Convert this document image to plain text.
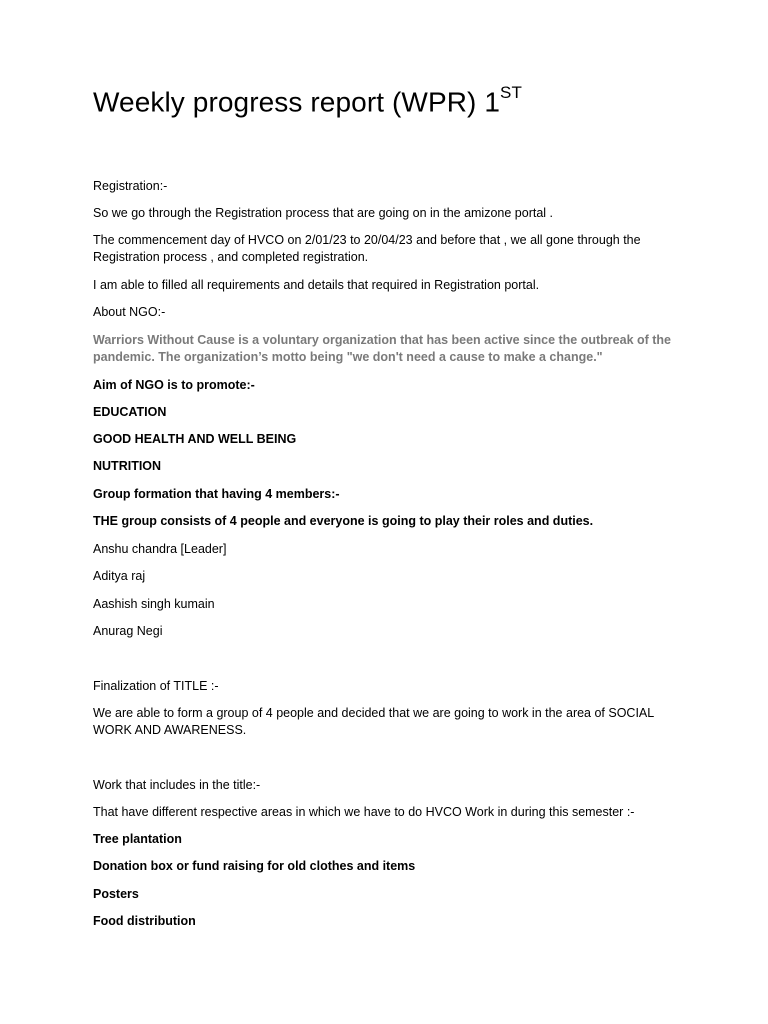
Weekly progress report (WPR) 1ST

Registration:-

So we go through the Registration process that are going on in the amizone portal .

The commencement day of HVCO on 2/01/23 to 20/04/23 and before that , we all gone through the Registration process , and completed registration.

I am able to filled all requirements and details that required in Registration portal.

About NGO:-

Warriors Without Cause is a voluntary organization that has been active since the outbreak of the pandemic. The organization’s motto being "we don't need a cause to make a change."

Aim of NGO is to promote:-

EDUCATION

GOOD HEALTH AND WELL BEING

NUTRITION

Group formation that having 4 members:-

THE group consists of 4 people and everyone is going to play their roles and duties.

Anshu chandra [Leader]

Aditya raj

Aashish singh kumain

Anurag Negi

Finalization of TITLE :-

We are able to form a group of 4 people and decided that we are going to work in the area of SOCIAL WORK AND AWARENESS.

Work that includes in the title:-

That have different respective areas in which we have to do HVCO Work in during this semester :-

Tree plantation

Donation box or fund raising for old clothes and items

Posters

Food distribution
